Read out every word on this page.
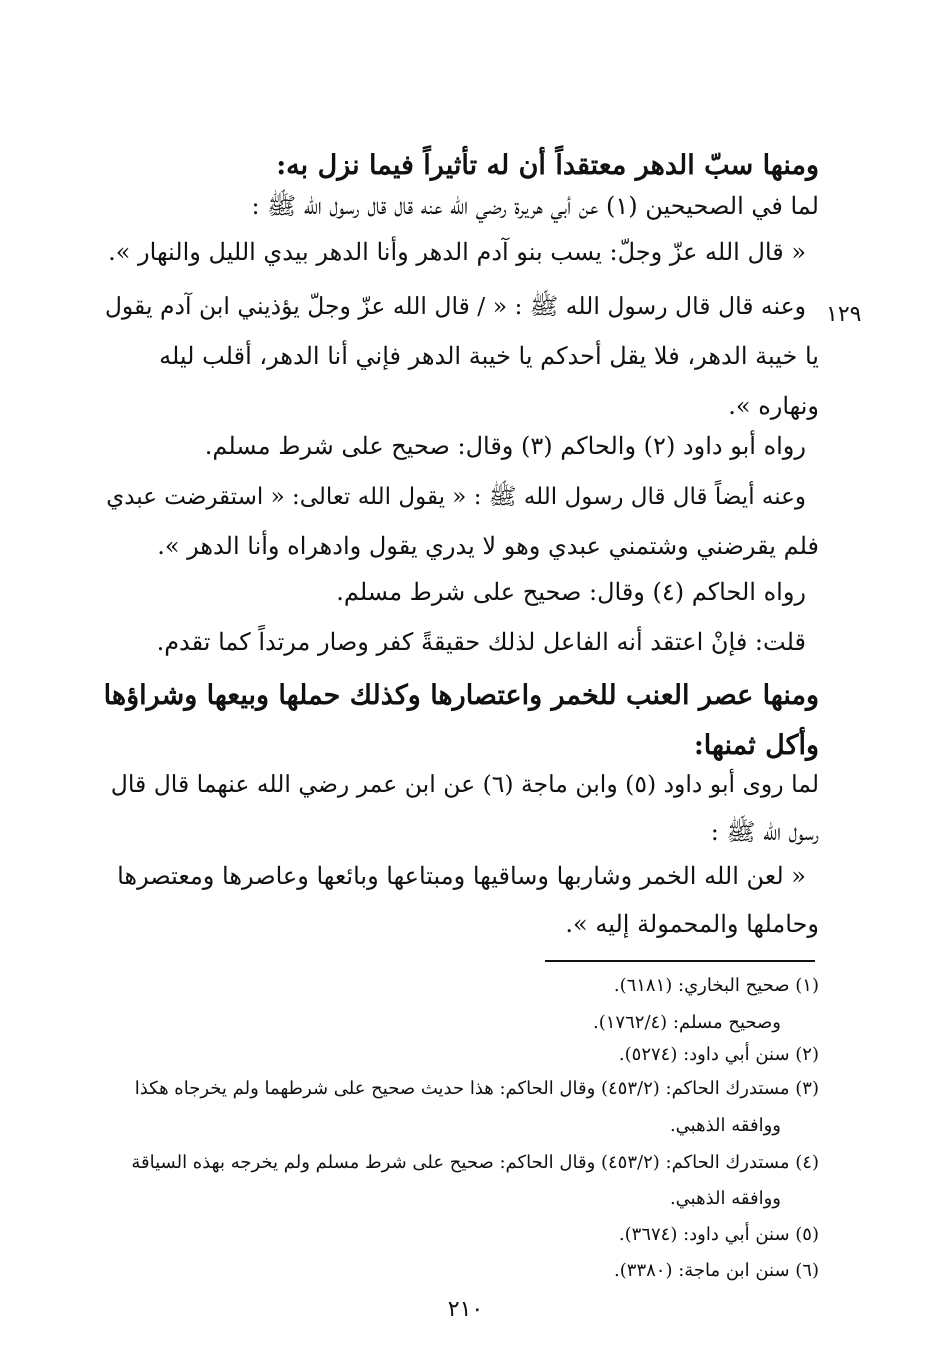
١٢٩
ومنها سبّ الدهر معتقداً أن له تأثيراً فيما نزل به:
لما في الصحيحين (١) عن أبي هريرة رضي الله عنه قال قال رسول الله ﷺ :
« قال الله عزّ وجلّ: يسب بنو آدم الدهر وأنا الدهر بيدي الليل والنهار ».
وعنه قال قال رسول الله ﷺ : « / قال الله عزّ وجلّ يؤذيني ابن آدم يقول
يا خيبة الدهر، فلا يقل أحدكم يا خيبة الدهر فإني أنا الدهر، أقلب ليله
ونهاره ».
رواه أبو داود (٢) والحاكم (٣) وقال: صحيح على شرط مسلم.
وعنه أيضاً قال قال رسول الله ﷺ : « يقول الله تعالى: « استقرضت عبدي
فلم يقرضني وشتمني عبدي وهو لا يدري يقول وادهراه وأنا الدهر ».
رواه الحاكم (٤) وقال: صحيح على شرط مسلم.
قلت: فإنْ اعتقد أنه الفاعل لذلك حقيقةً كفر وصار مرتداً كما تقدم.
ومنها عصر العنب للخمر واعتصارها وكذلك حملها وبيعها وشراؤها
وأكل ثمنها:
لما روى أبو داود (٥) وابن ماجة (٦) عن ابن عمر رضي الله عنهما قال قال
رسول الله ﷺ :
« لعن الله الخمر وشاربها وساقيها ومبتاعها وبائعها وعاصرها ومعتصرها
وحاملها والمحمولة إليه ».
(١) صحيح البخاري: (٦١٨١).
وصحيح مسلم: (١٧٦٢/٤).
(٢) سنن أبي داود: (٥٢٧٤).
(٣) مستدرك الحاكم: (٤٥٣/٢) وقال الحاكم: هذا حديث صحيح على شرطهما ولم يخرجاه هكذا
ووافقه الذهبي.
(٤) مستدرك الحاكم: (٤٥٣/٢) وقال الحاكم: صحيح على شرط مسلم ولم يخرجه بهذه السياقة
ووافقه الذهبي.
(٥) سنن أبي داود: (٣٦٧٤).
(٦) سنن ابن ماجة: (٣٣٨٠).
٢١٠
